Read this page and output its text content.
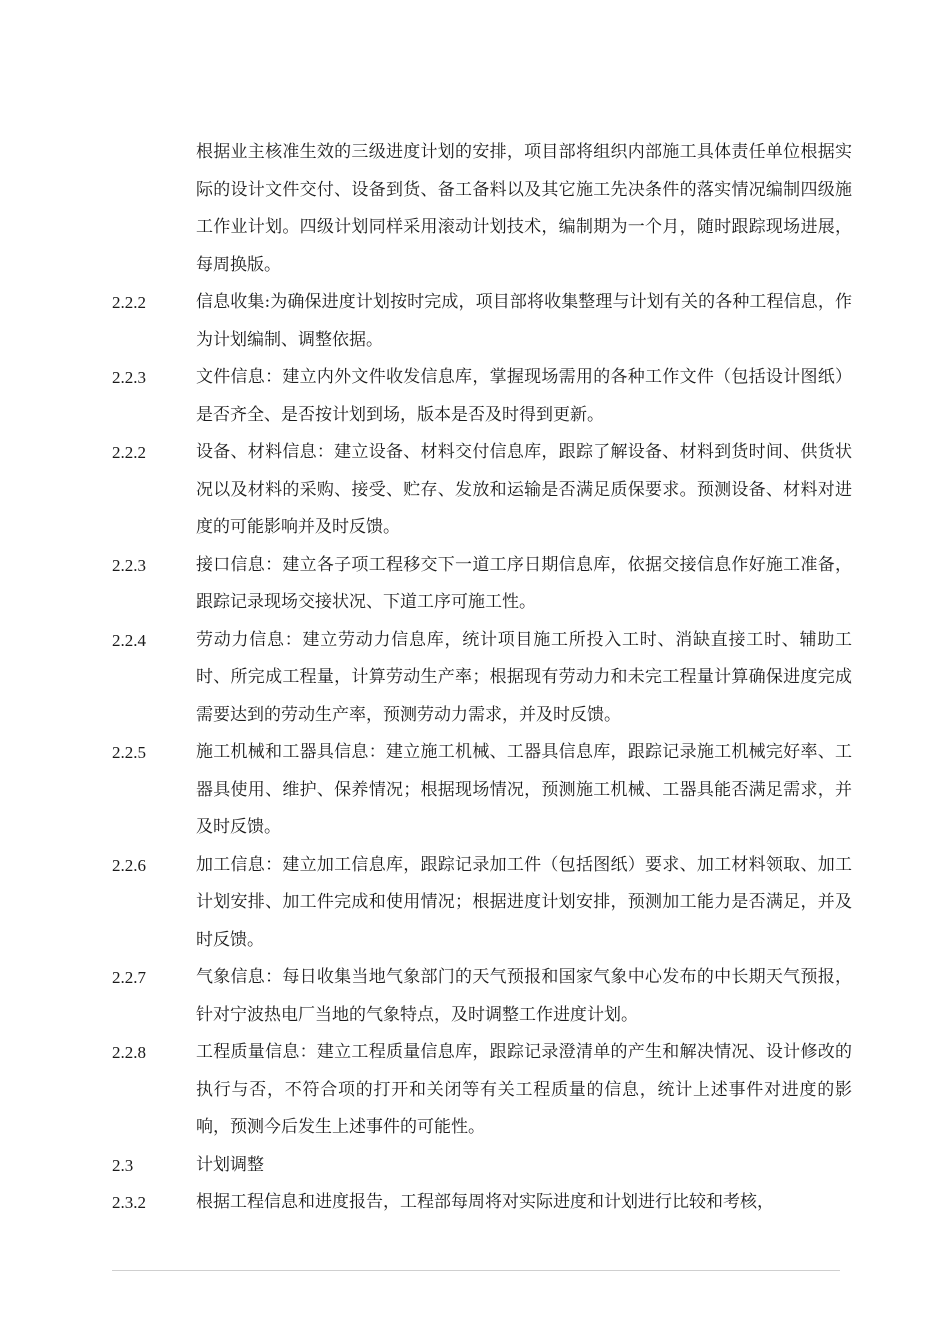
根据业主核准生效的三级进度计划的安排，项目部将组织内部施工具体责任单位根据实际的设计文件交付、设备到货、备工备料以及其它施工先决条件的落实情况编制四级施工作业计划。四级计划同样采用滚动计划技术，编制期为一个月，随时跟踪现场进展，每周换版。

2.2.2	信息收集:为确保进度计划按时完成，项目部将收集整理与计划有关的各种工程信息，作为计划编制、调整依据。
2.2.3	文件信息：建立内外文件收发信息库，掌握现场需用的各种工作文件（包括设计图纸）是否齐全、是否按计划到场，版本是否及时得到更新。
2.2.2	设备、材料信息：建立设备、材料交付信息库，跟踪了解设备、材料到货时间、供货状况以及材料的采购、接受、贮存、发放和运输是否满足质保要求。预测设备、材料对进度的可能影响并及时反馈。
2.2.3	接口信息：建立各子项工程移交下一道工序日期信息库，依据交接信息作好施工准备，跟踪记录现场交接状况、下道工序可施工性。
2.2.4	劳动力信息：建立劳动力信息库，统计项目施工所投入工时、消缺直接工时、辅助工时、所完成工程量，计算劳动生产率；根据现有劳动力和未完工程量计算确保进度完成需要达到的劳动生产率，预测劳动力需求，并及时反馈。
2.2.5	施工机械和工器具信息：建立施工机械、工器具信息库，跟踪记录施工机械完好率、工器具使用、维护、保养情况；根据现场情况，预测施工机械、工器具能否满足需求，并及时反馈。
2.2.6	加工信息：建立加工信息库，跟踪记录加工件（包括图纸）要求、加工材料领取、加工计划安排、加工件完成和使用情况；根据进度计划安排，预测加工能力是否满足，并及时反馈。
2.2.7	气象信息：每日收集当地气象部门的天气预报和国家气象中心发布的中长期天气预报，针对宁波热电厂当地的气象特点，及时调整工作进度计划。
2.2.8	工程质量信息：建立工程质量信息库，跟踪记录澄清单的产生和解决情况、设计修改的执行与否，不符合项的打开和关闭等有关工程质量的信息，统计上述事件对进度的影响，预测今后发生上述事件的可能性。
2.3	计划调整
2.3.2	根据工程信息和进度报告，工程部每周将对实际进度和计划进行比较和考核，
